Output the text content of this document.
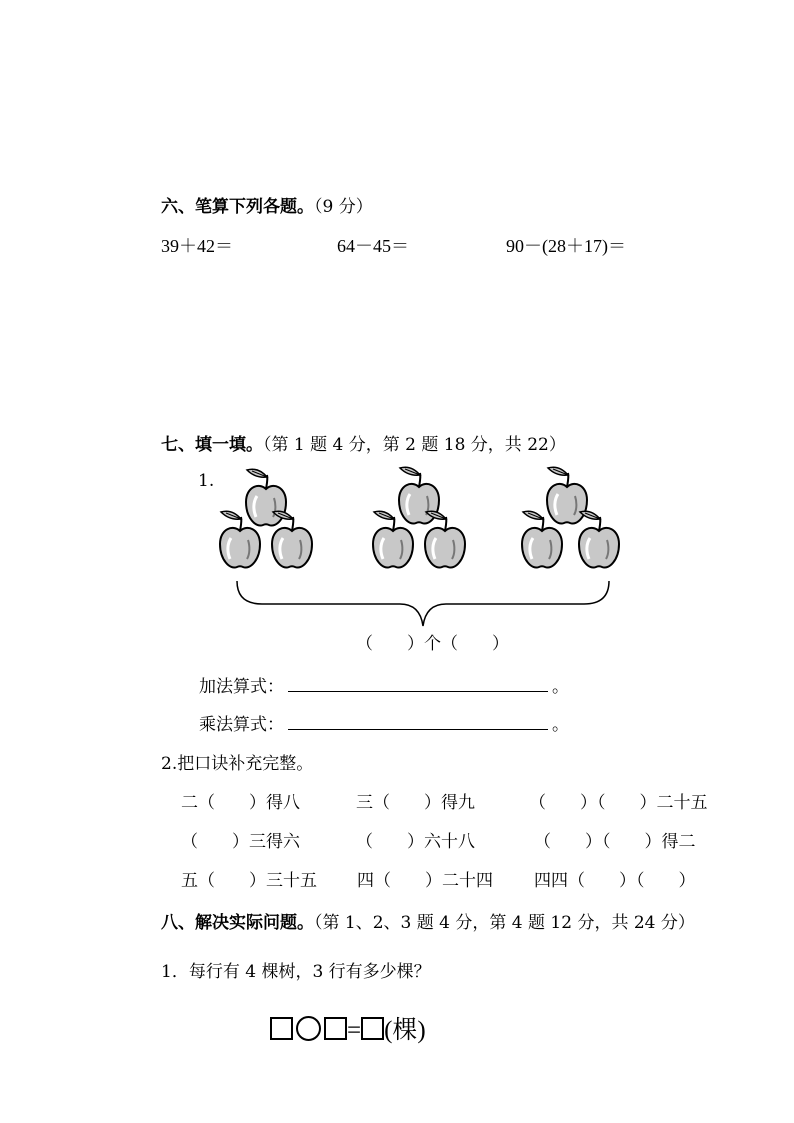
六、笔算下列各题。（9 分）
39＋42＝	64－45＝	90－(28＋17)＝
七、填一填。（第 1 题 4 分，第 2 题 18 分，共 22）
1.
（　　）个（　　）
加法算式：	。
乘法算式：	。
2.把口诀补充完整。
二（　　）得八	三（　　）得九	（　　）（　　）二十五
（　　）三得六	（　　）六十八	（　　）（　　）得二
五（　　）三十五 四（　　）二十四 四四（　　）（　　）
八、解决实际问题。（第 1、2、3 题 4 分，第 4 题 12 分，共 24 分）
1．每行有 4 棵树，3 行有多少棵？
= (棵)
